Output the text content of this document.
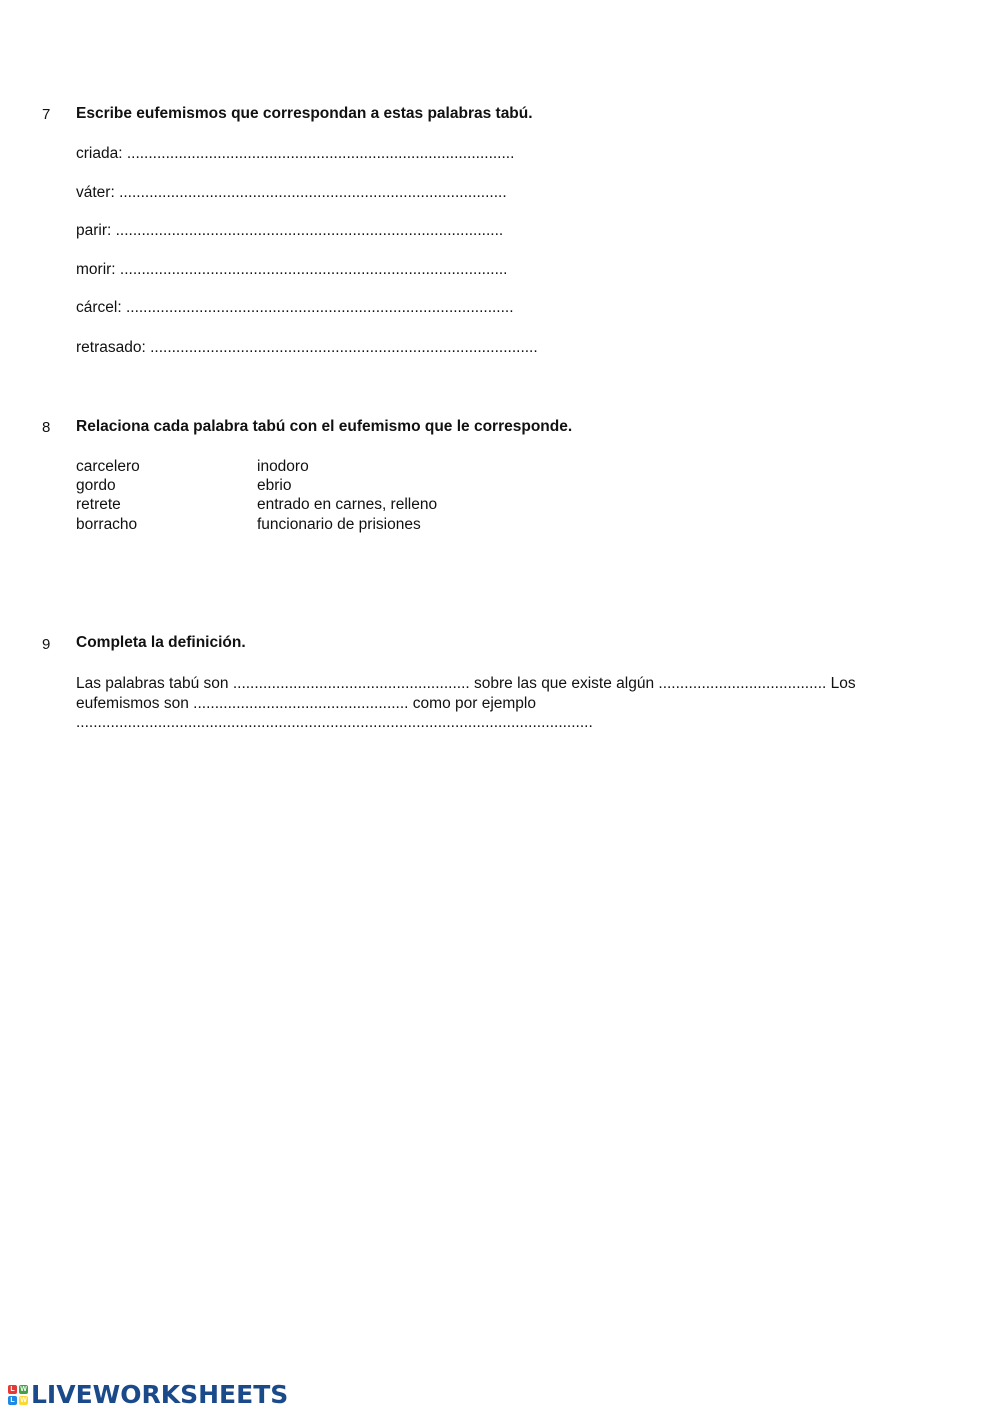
7 Escribe eufemismos que correspondan a estas palabras tabú.
criada: ..........................................................................................
váter: ..........................................................................................
parir: ..........................................................................................
morir: ..........................................................................................
cárcel: ..........................................................................................
retrasado: ..........................................................................................
8 Relaciona cada palabra tabú con el eufemismo que le corresponde.
carcelero
gordo
retrete
borracho
inodoro
ebrio
entrado en carnes, relleno
funcionario de prisiones
9 Completa la definición.
Las palabras tabú son ....................................................... sobre las que existe algún ....................................... Los eufemismos son .................................................. como por ejemplo ........................................................................................................................
L W
L W LIVEWORKSHEETS
